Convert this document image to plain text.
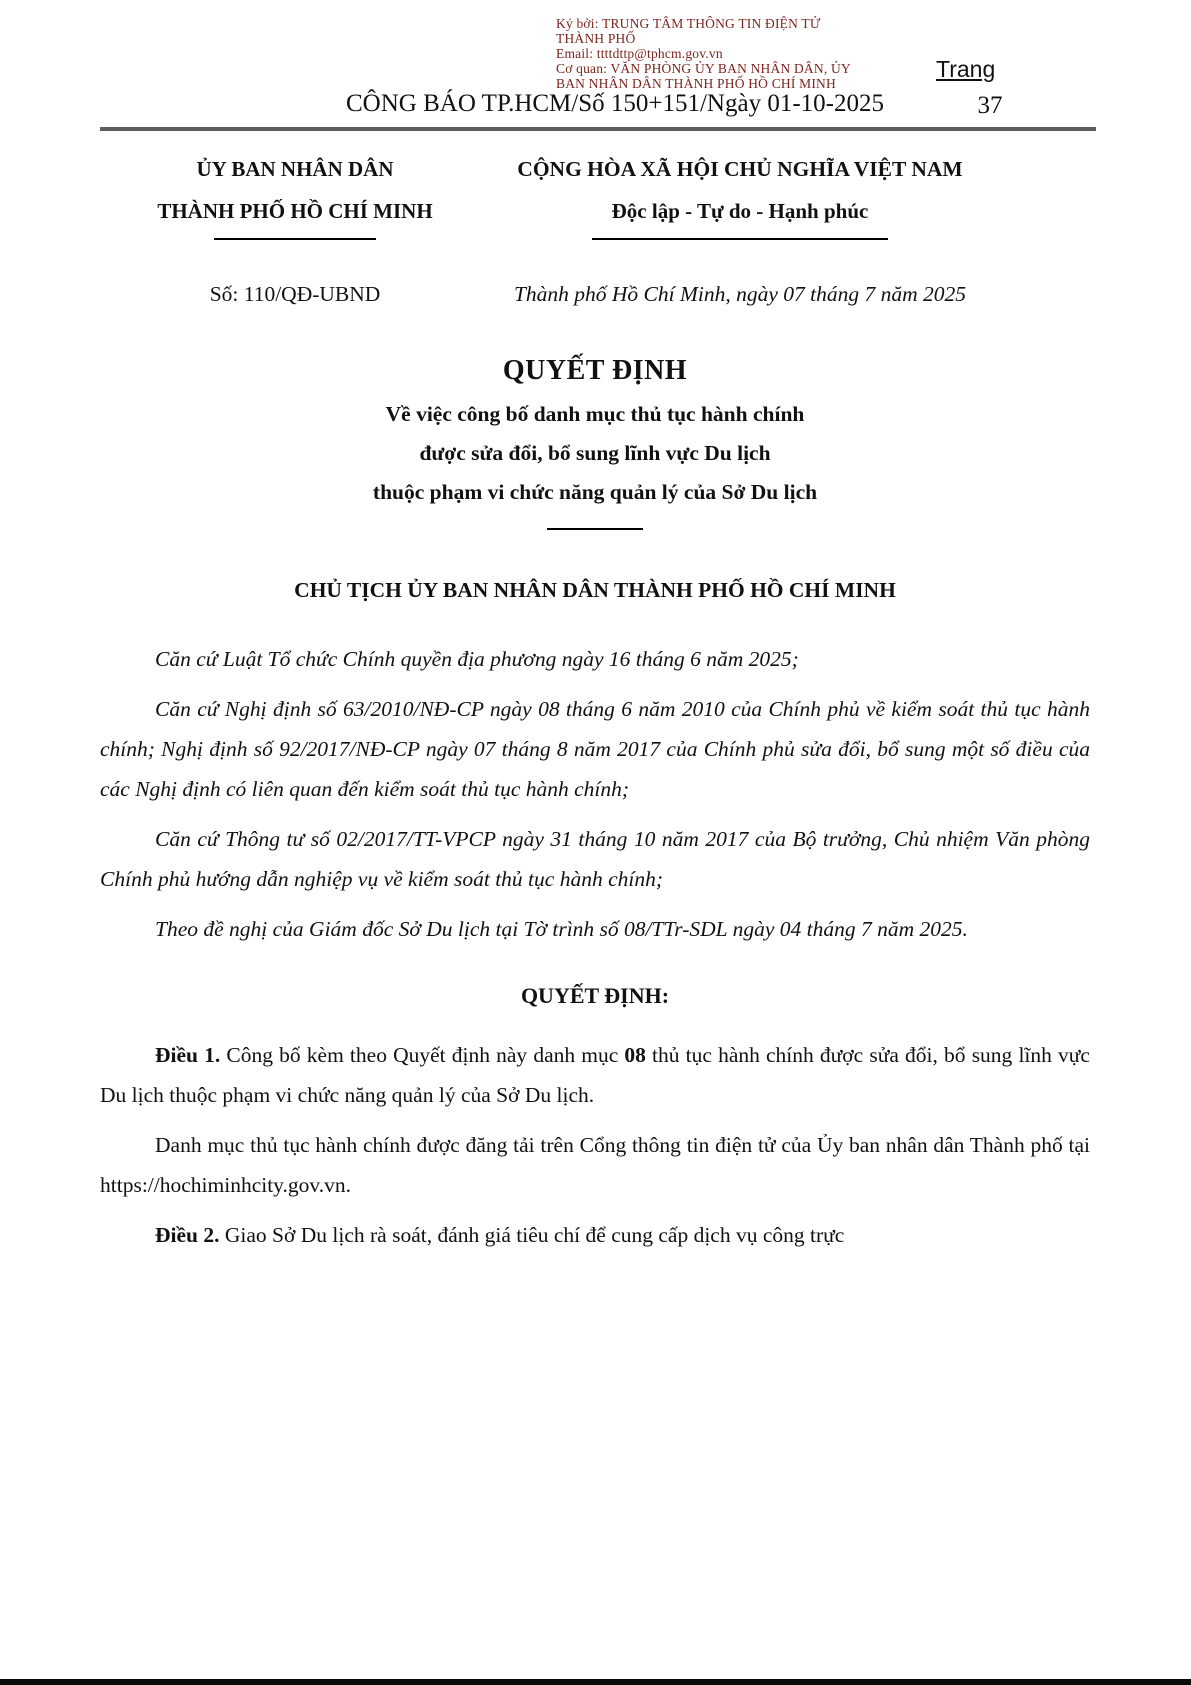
Ký bởi: TRUNG TÂM THÔNG TIN ĐIỆN TỬ
THÀNH PHỐ
Email: ttttdttp@tphcm.gov.vn
Cơ quan: VĂN PHÒNG ỦY BAN NHÂN DÂN, ỦY
BAN NHÂN DÂN THÀNH PHỐ HỒ CHÍ MINH
Trang
CÔNG BÁO TP.HCM/Số 150+151/Ngày 01-10-2025	37
ỦY BAN NHÂN DÂN
THÀNH PHỐ HỒ CHÍ MINH
CỘNG HÒA XÃ HỘI CHỦ NGHĨA VIỆT NAM
Độc lập - Tự do - Hạnh phúc
Số: 110/QĐ-UBND	Thành phố Hồ Chí Minh, ngày 07 tháng 7 năm 2025
QUYẾT ĐỊNH
Về việc công bố danh mục thủ tục hành chính
được sửa đổi, bổ sung lĩnh vực Du lịch
thuộc phạm vi chức năng quản lý của Sở Du lịch
CHỦ TỊCH ỦY BAN NHÂN DÂN THÀNH PHỐ HỒ CHÍ MINH

Căn cứ Luật Tổ chức Chính quyền địa phương ngày 16 tháng 6 năm 2025;

Căn cứ Nghị định số 63/2010/NĐ-CP ngày 08 tháng 6 năm 2010 của Chính phủ về kiểm soát thủ tục hành chính; Nghị định số 92/2017/NĐ-CP ngày 07 tháng 8 năm 2017 của Chính phủ sửa đổi, bổ sung một số điều của các Nghị định có liên quan đến kiểm soát thủ tục hành chính;

Căn cứ Thông tư số 02/2017/TT-VPCP ngày 31 tháng 10 năm 2017 của Bộ trưởng, Chủ nhiệm Văn phòng Chính phủ hướng dẫn nghiệp vụ về kiểm soát thủ tục hành chính;

Theo đề nghị của Giám đốc Sở Du lịch tại Tờ trình số 08/TTr-SDL ngày 04 tháng 7 năm 2025.

QUYẾT ĐỊNH:

Điều 1. Công bố kèm theo Quyết định này danh mục 08 thủ tục hành chính được sửa đổi, bổ sung lĩnh vực Du lịch thuộc phạm vi chức năng quản lý của Sở Du lịch.

Danh mục thủ tục hành chính được đăng tải trên Cổng thông tin điện tử của Ủy ban nhân dân Thành phố tại https://hochiminhcity.gov.vn.

Điều 2. Giao Sở Du lịch rà soát, đánh giá tiêu chí để cung cấp dịch vụ công trực
